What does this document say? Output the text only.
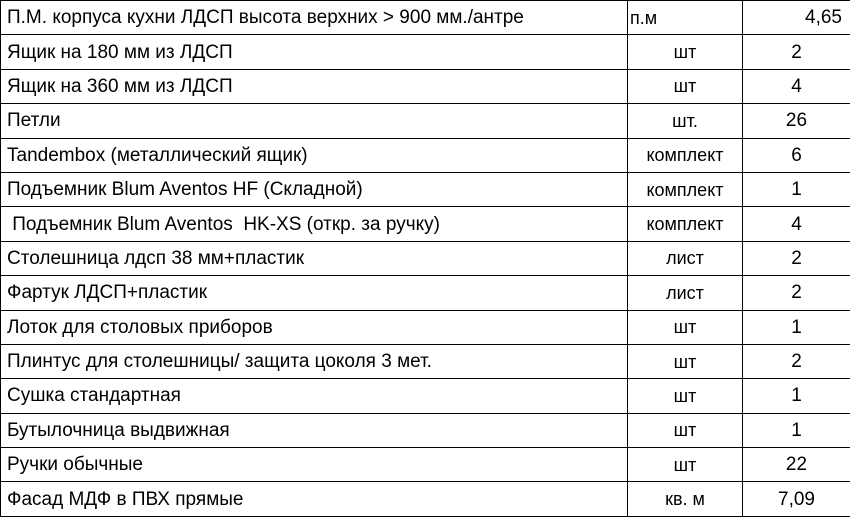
П.М. корпуса кухни ЛДСП высота верхних > 900 мм./антре	п.м	4,65
Ящик на 180 мм из ЛДСП	шт	2
Ящик на 360 мм из ЛДСП	шт	4
Петли	шт.	26
Tandembox (металлический ящик)	комплект	6
Подъемник Blum Aventos HF (Складной)	комплект	1
Подъемник Blum Aventos  HK-XS (откр. за ручку)	комплект	4
Столешница лдсп 38 мм+пластик	лист	2
Фартук ЛДСП+пластик	лист	2
Лоток для столовых приборов	шт	1
Плинтус для столешницы/ защита цоколя 3 мет.	шт	2
Сушка стандартная	шт	1
Бутылочница выдвижная	шт	1
Ручки обычные	шт	22
Фасад МДФ в ПВХ прямые	кв. м	7,09
